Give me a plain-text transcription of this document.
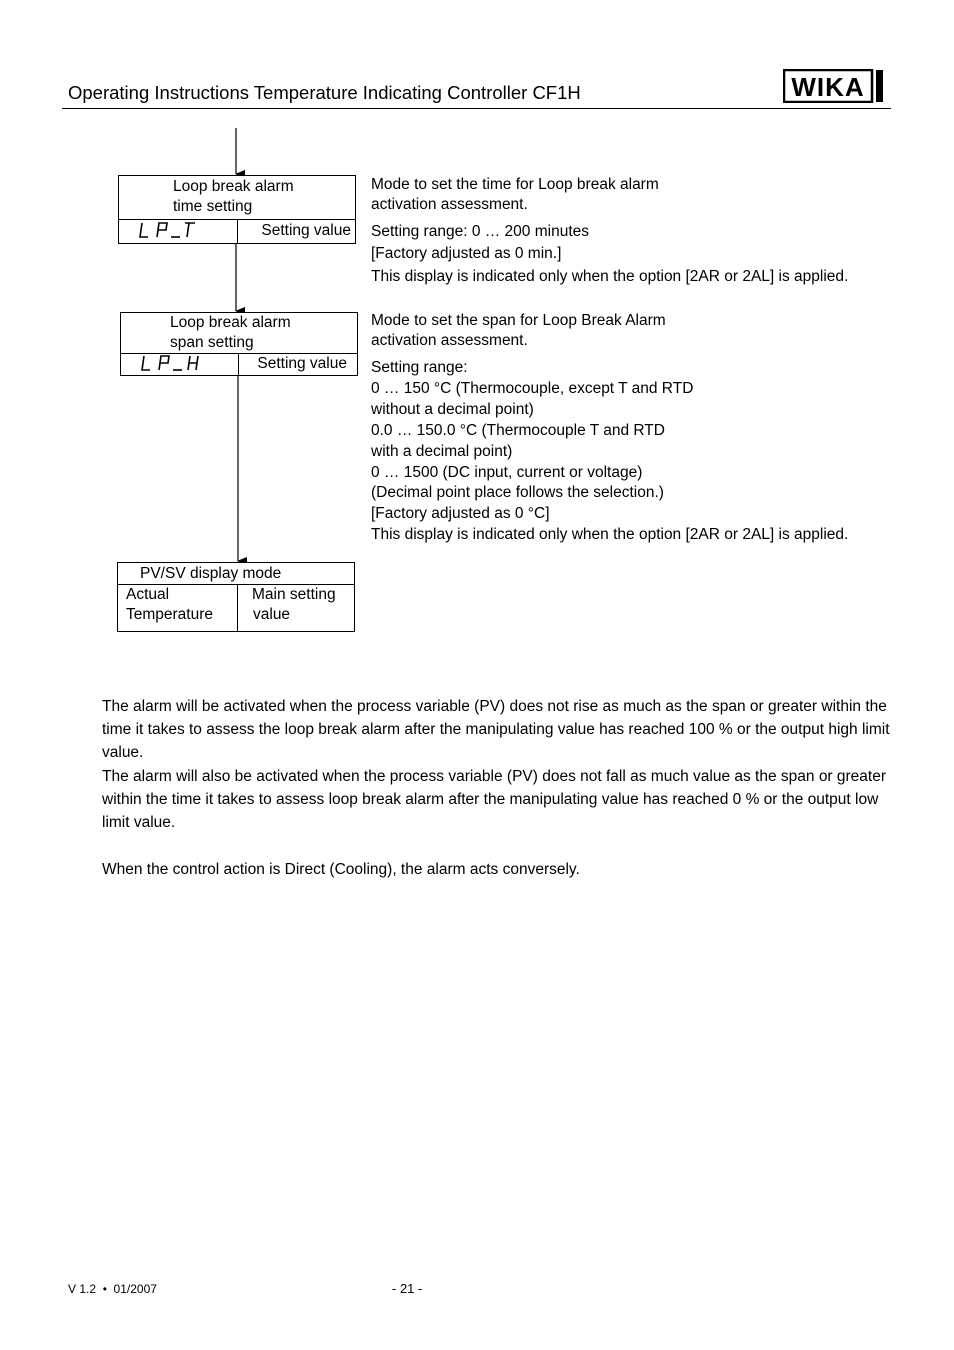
Operating Instructions Temperature Indicating Controller CF1H	WIKA
Loop break alarm
time setting
LP_T
Setting value
Loop break alarm
span setting
LP_H
Setting value
PV/SV display mode
Actual
Temperature
Main setting
value
Mode to set the time for Loop break alarm
activation assessment.
Setting range: 0 … 200 minutes
[Factory adjusted as 0 min.]
This display is indicated only when the option [2AR or 2AL] is applied.
Mode to set the span for Loop Break Alarm
activation assessment.
Setting range:
0 … 150 °C (Thermocouple, except T and RTD
without a decimal point)
0.0 … 150.0 °C (Thermocouple T and RTD
with a decimal point)
0 … 1500 (DC input, current or voltage)
(Decimal point place follows the selection.)
[Factory adjusted as 0 °C]
This display is indicated only when the option [2AR or 2AL] is applied.
The alarm will be activated when the process variable (PV) does not rise as much as the span or greater within the time it takes to assess the loop break alarm after the manipulating value has reached 100 % or the output high limit value.
The alarm will also be activated when the process variable (PV) does not fall as much value as the span or greater within the time it takes to assess loop break alarm after the manipulating value has reached 0 % or the output low limit value.
When the control action is Direct (Cooling), the alarm acts conversely.
V 1.2  •  01/2007	- 21 -
